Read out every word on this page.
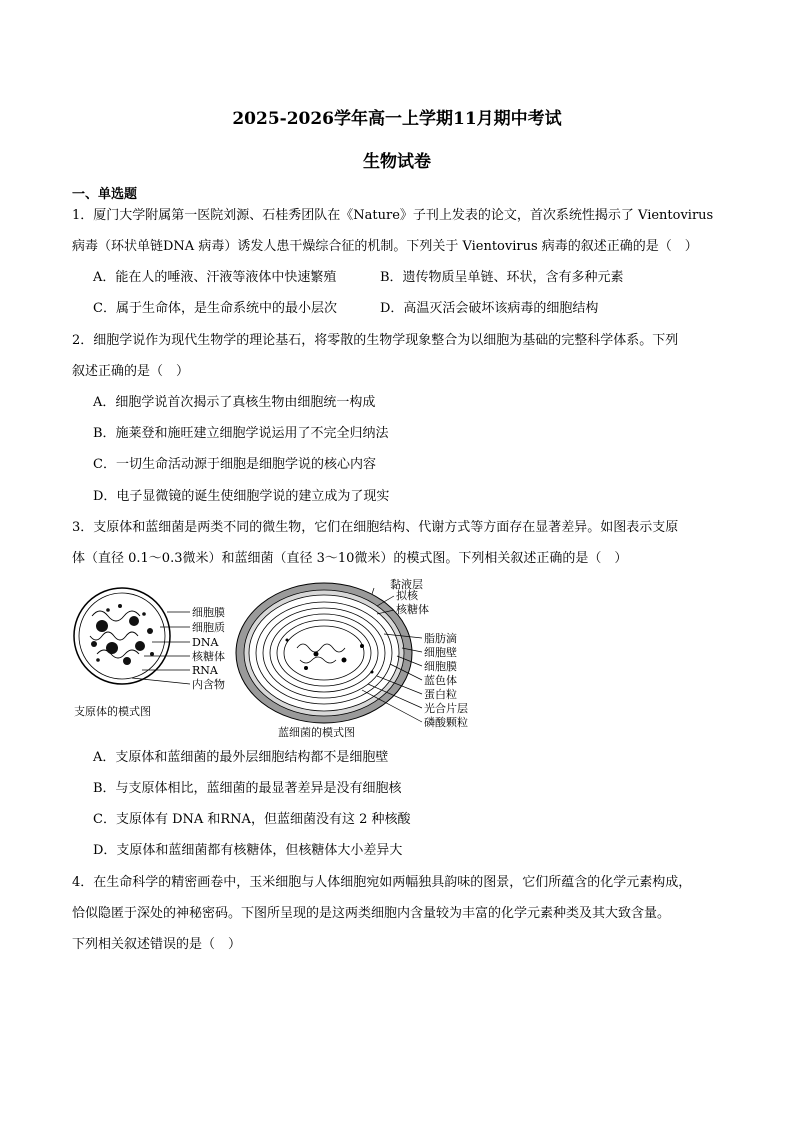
2025-2026学年高一上学期11月期中考试
生物试卷
一、单选题
1．厦门大学附属第一医院刘源、石桂秀团队在《Nature》子刊上发表的论文，首次系统性揭示了 Vientovirus
病毒（环状单链DNA 病毒）诱发人患干燥综合征的机制。下列关于 Vientovirus 病毒的叙述正确的是（　）
A．能在人的唾液、汗液等液体中快速繁殖	B．遗传物质呈单链、环状，含有多种元素
C．属于生命体，是生命系统中的最小层次	D．高温灭活会破坏该病毒的细胞结构
2．细胞学说作为现代生物学的理论基石，将零散的生物学现象整合为以细胞为基础的完整科学体系。下列
叙述正确的是（　）
A．细胞学说首次揭示了真核生物由细胞统一构成
B．施莱登和施旺建立细胞学说运用了不完全归纳法
C．一切生命活动源于细胞是细胞学说的核心内容
D．电子显微镜的诞生使细胞学说的建立成为了现实
3．支原体和蓝细菌是两类不同的微生物，它们在细胞结构、代谢方式等方面存在显著差异。如图表示支原
体（直径 0.1～0.3微米）和蓝细菌（直径 3～10微米）的模式图。下列相关叙述正确的是（　）
细胞膜
细胞质
DNA
核糖体
RNA
内含物
支原体的模式图
黏液层
拟核
核糖体
脂肪滴
细胞壁
细胞膜
蓝色体
蛋白粒
光合片层
磷酸颗粒
蓝细菌的模式图
A．支原体和蓝细菌的最外层细胞结构都不是细胞壁
B．与支原体相比，蓝细菌的最显著差异是没有细胞核
C．支原体有 DNA 和RNA，但蓝细菌没有这 2 种核酸
D．支原体和蓝细菌都有核糖体，但核糖体大小差异大
4．在生命科学的精密画卷中，玉米细胞与人体细胞宛如两幅独具韵味的图景，它们所蕴含的化学元素构成，
恰似隐匿于深处的神秘密码。下图所呈现的是这两类细胞内含量较为丰富的化学元素种类及其大致含量。
下列相关叙述错误的是（　）
